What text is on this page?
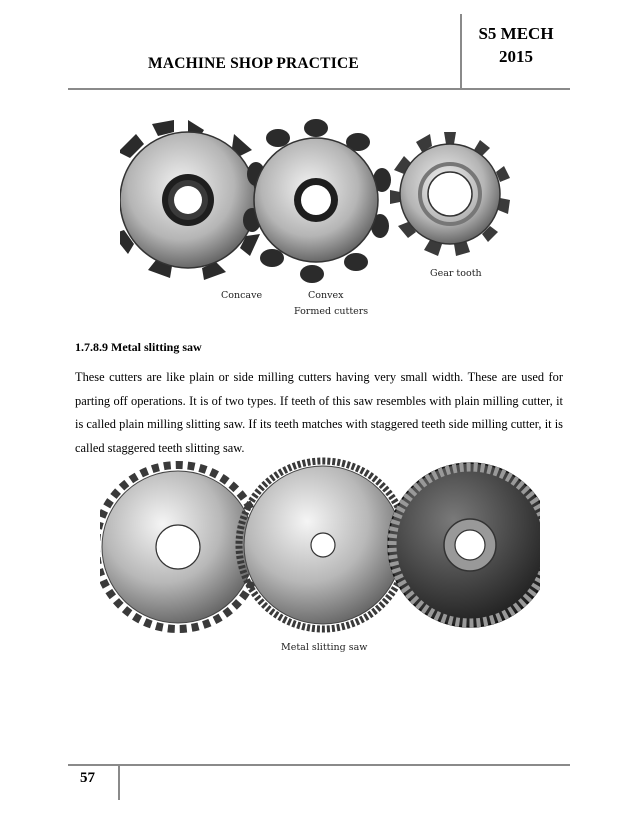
MACHINE SHOP PRACTICE
S5 MECH
2015
Concave	Convex
Gear tooth
Formed cutters
1.7.8.9 Metal slitting saw
These cutters are like plain or side milling cutters having very small width. These are used for parting off operations. It is of two types. If teeth of this saw resembles with plain milling cutter, it is called plain milling slitting saw. If its teeth matches with staggered teeth side milling cutter, it is called staggered teeth slitting saw.
Metal slitting saw
57
